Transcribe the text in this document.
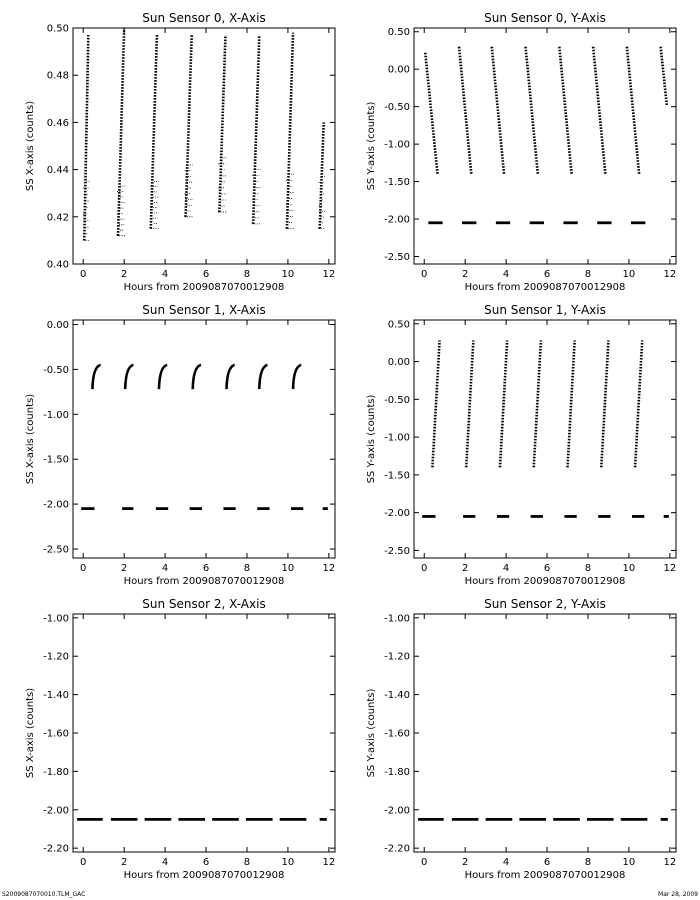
Sun Sensor 0, X-Axis
0	2	4	6	8	10	12
0.40
0.42
0.44
0.46
0.48
0.50
Hours from 2009087070012908
SS X-axis (counts)
Sun Sensor 0, Y-Axis
0	2	4	6	8	10	12
-2.50
-2.00
-1.50
-1.00
-0.50
0.00
0.50
Hours from 2009087070012908
SS Y-axis (counts)
Sun Sensor 1, X-Axis
0	2	4	6	8	10	12
-2.50
-2.00
-1.50
-1.00
-0.50
0.00
Hours from 2009087070012908
SS X-axis (counts)
Sun Sensor 1, Y-Axis
0	2	4	6	8	10	12
-2.50
-2.00
-1.50
-1.00
-0.50
0.00
0.50
Hours from 2009087070012908
SS Y-axis (counts)
Sun Sensor 2, X-Axis
0	2	4	6	8	10	12
-2.20
-2.00
-1.80
-1.60
-1.40
-1.20
-1.00
Hours from 2009087070012908
SS X-axis (counts)
Sun Sensor 2, Y-Axis
0	2	4	6	8	10	12
-2.20
-2.00
-1.80
-1.60
-1.40
-1.20
-1.00
Hours from 2009087070012908
SS Y-axis (counts)
S2009087070010.TLM_GAC	Mar 28, 2009
